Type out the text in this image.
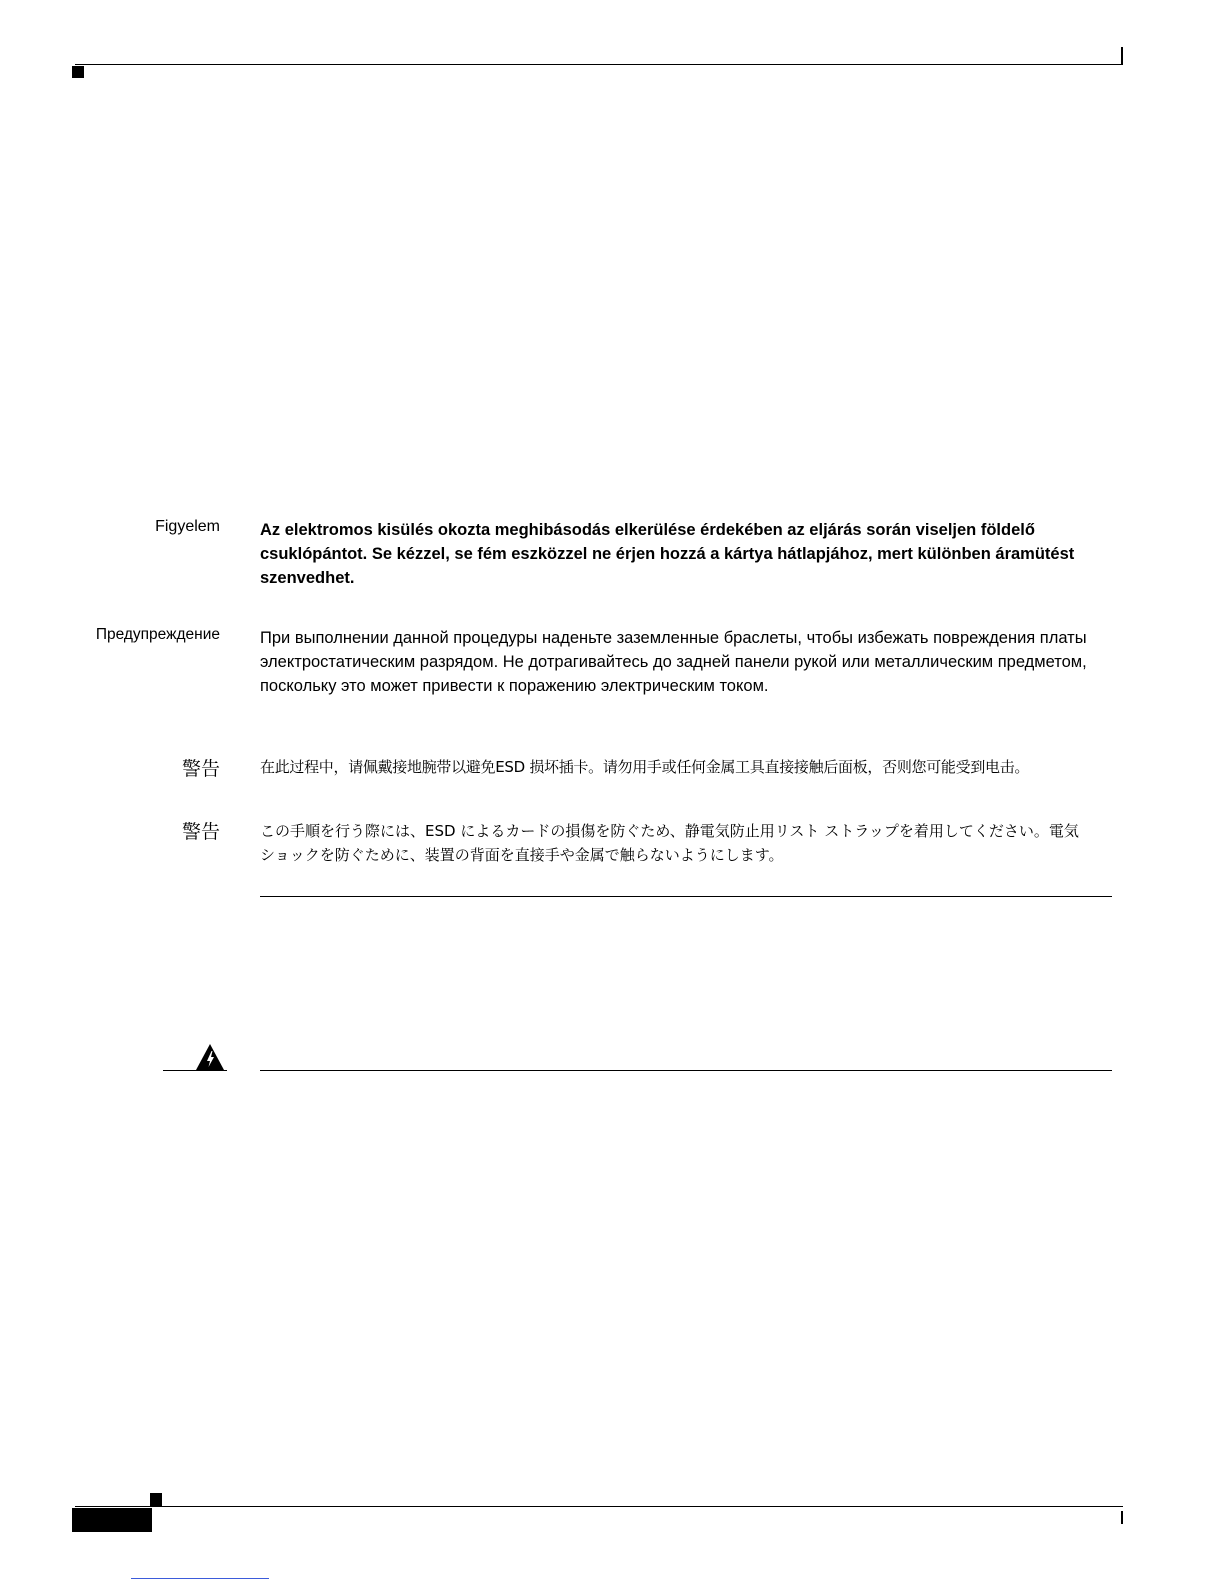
Figyelem Az elektromos kisülés okozta meghibásodás elkerülése érdekében az eljárás során viseljen földelő csuklópántot. Se kézzel, se fém eszközzel ne érjen hozzá a kártya hátlapjához, mert különben áramütést szenvedhet.
Предупреждение При выполнении данной процедуры наденьте заземленные браслеты, чтобы избежать повреждения платы электростатическим разрядом. Не дотрагивайтесь до задней панели рукой или металлическим предметом, поскольку это может привести к поражению электрическим током.
警告	在此过程中，请佩戴接地腕带以避免ESD 损坏插卡。请勿用手或任何金属工具直接接触后面板，否则您可能受到电击。
警告	この手順を行う際には、ESD によるカードの損傷を防ぐため、静電気防止用リスト ストラップを着用してください。電気ショックを防ぐために、装置の背面を直接手や金属で触らないようにします。
